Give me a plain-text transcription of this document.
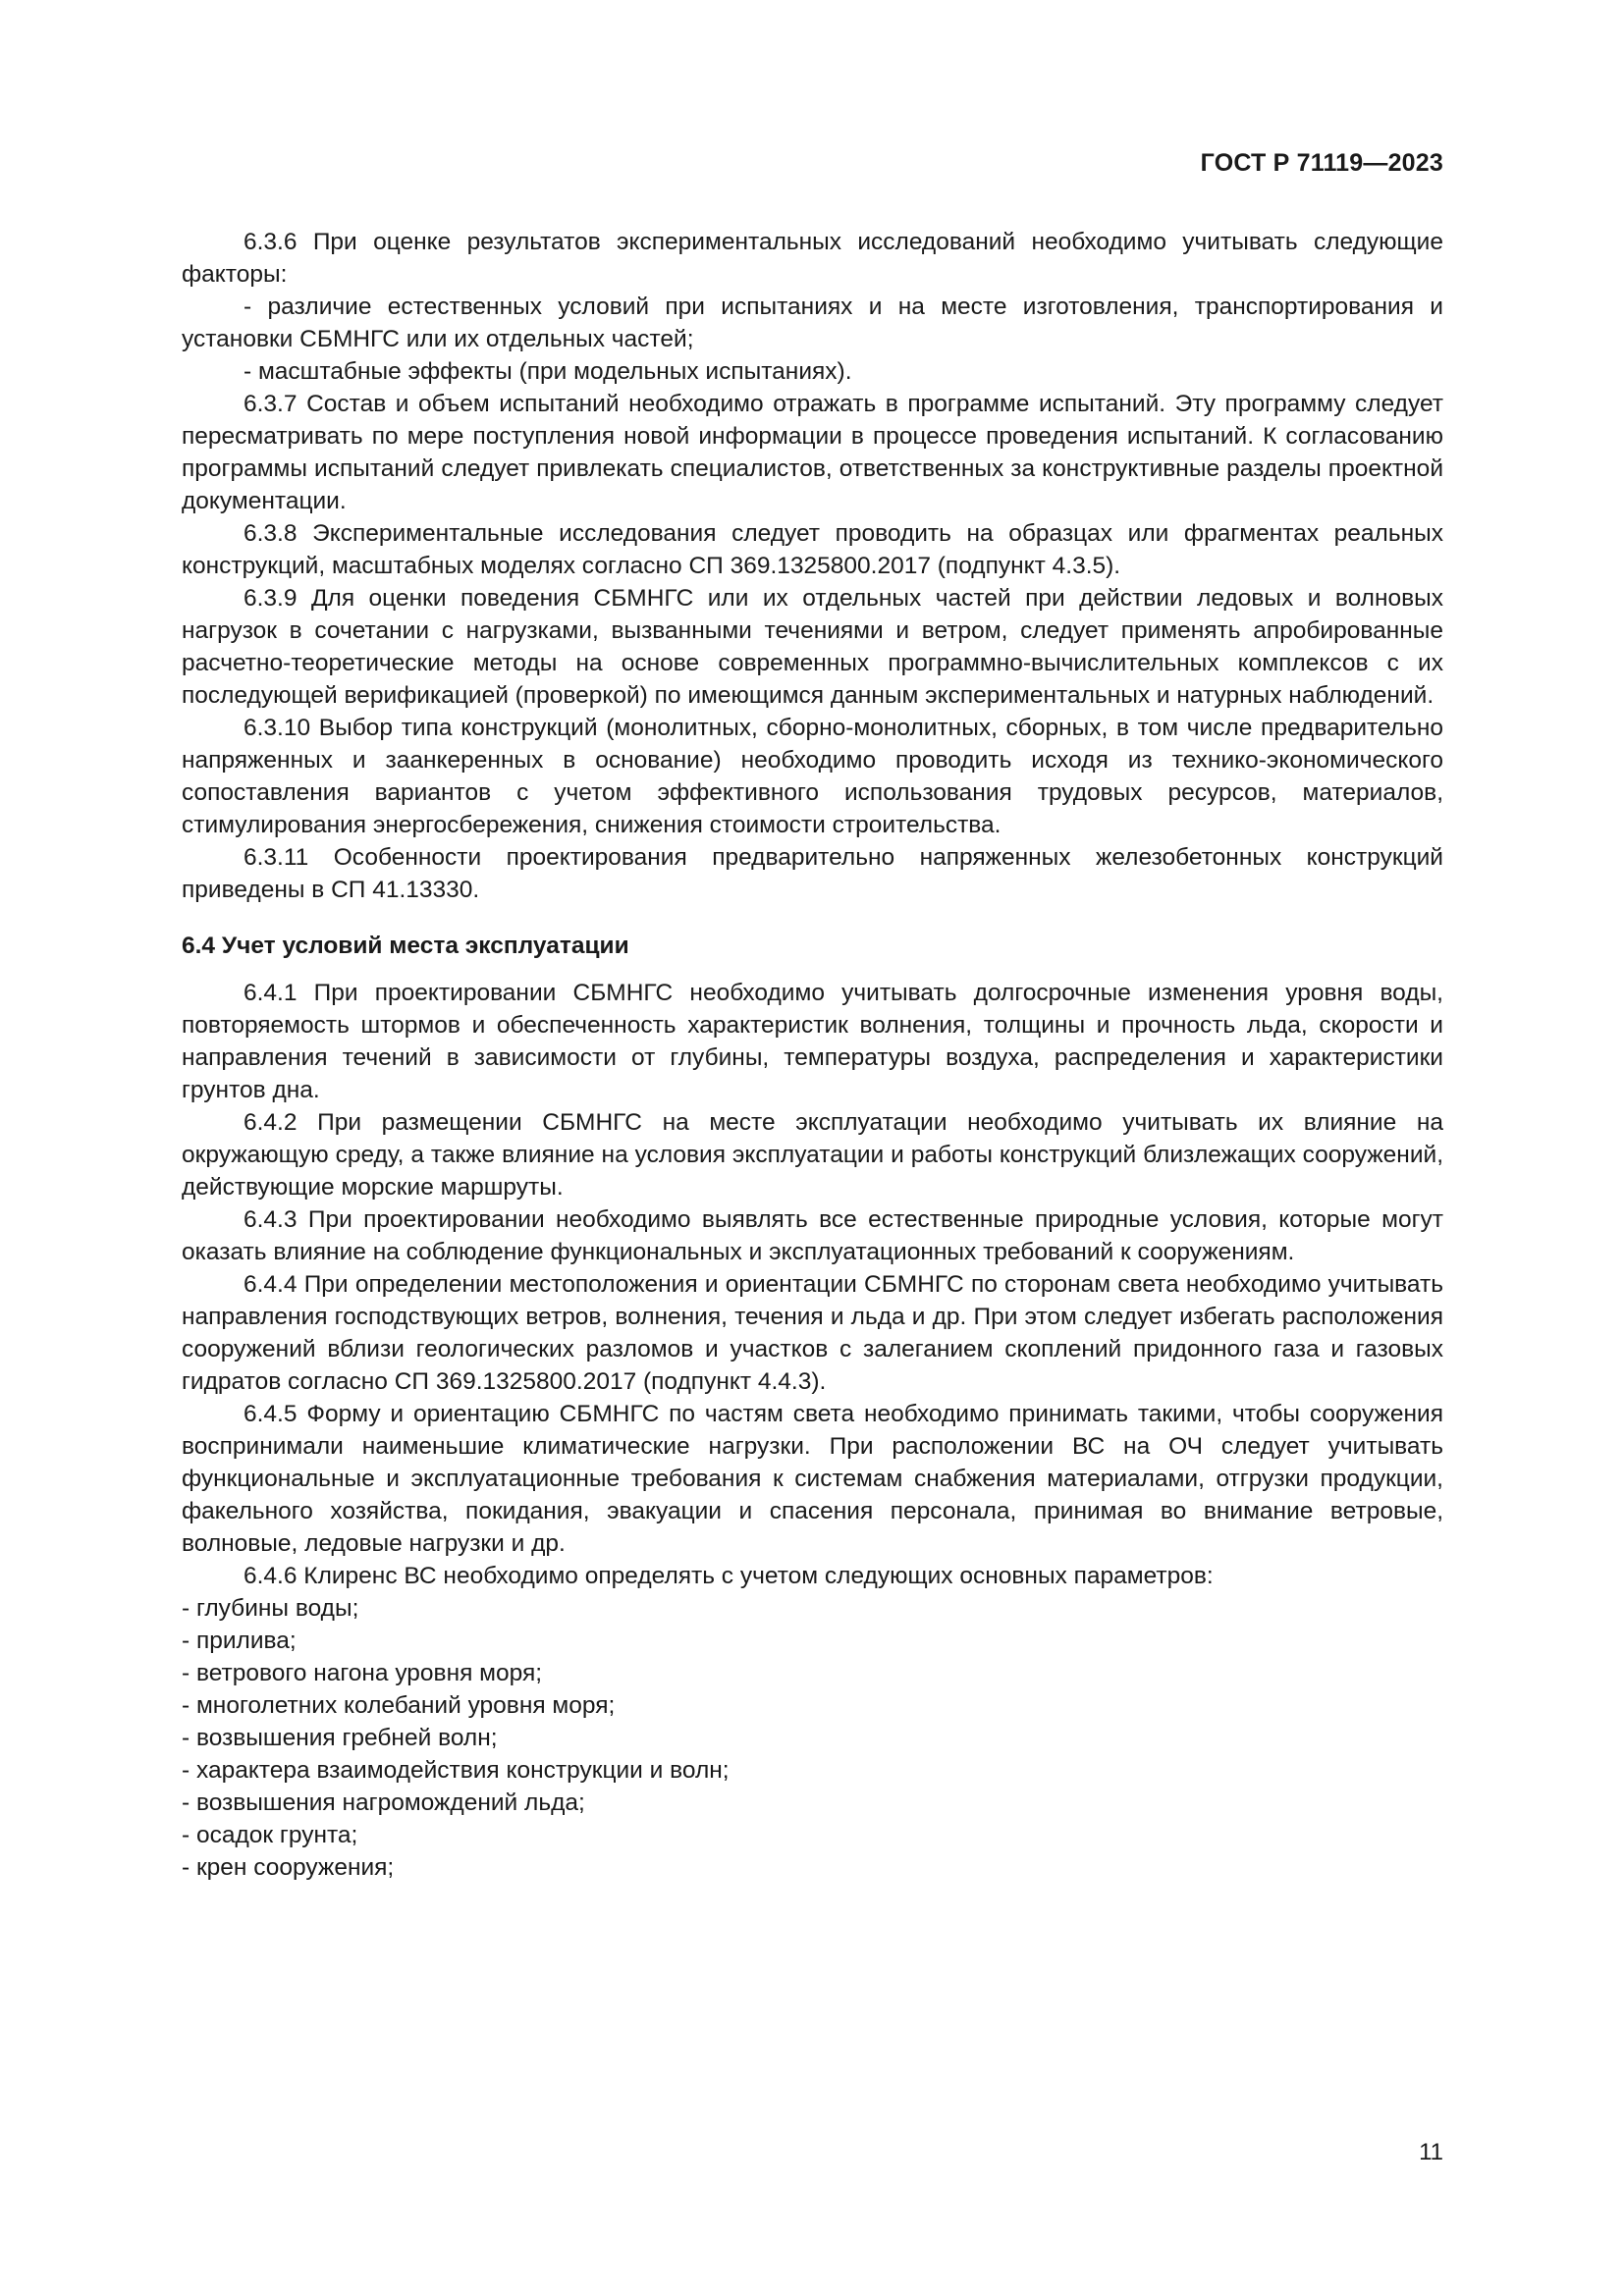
ГОСТ Р 71119—2023

6.3.6 При оценке результатов экспериментальных исследований необходимо учитывать следующие факторы:

- различие естественных условий при испытаниях и на месте изготовления, транспортирования и установки СБМНГС или их отдельных частей;

- масштабные эффекты (при модельных испытаниях).

6.3.7 Состав и объем испытаний необходимо отражать в программе испытаний. Эту программу следует пересматривать по мере поступления новой информации в процессе проведения испытаний. К согласованию программы испытаний следует привлекать специалистов, ответственных за конструктивные разделы проектной документации.

6.3.8 Экспериментальные исследования следует проводить на образцах или фрагментах реальных конструкций, масштабных моделях согласно СП 369.1325800.2017 (подпункт 4.3.5).

6.3.9 Для оценки поведения СБМНГС или их отдельных частей при действии ледовых и волновых нагрузок в сочетании с нагрузками, вызванными течениями и ветром, следует применять апробированные расчетно-теоретические методы на основе современных программно-вычислительных комплексов с их последующей верификацией (проверкой) по имеющимся данным экспериментальных и натурных наблюдений.

6.3.10 Выбор типа конструкций (монолитных, сборно-монолитных, сборных, в том числе предварительно напряженных и заанкеренных в основание) необходимо проводить исходя из технико-экономического сопоставления вариантов с учетом эффективного использования трудовых ресурсов, материалов, стимулирования энергосбережения, снижения стоимости строительства.

6.3.11 Особенности проектирования предварительно напряженных железобетонных конструкций приведены в СП 41.13330.

6.4 Учет условий места эксплуатации

6.4.1 При проектировании СБМНГС необходимо учитывать долгосрочные изменения уровня воды, повторяемость штормов и обеспеченность характеристик волнения, толщины и прочность льда, скорости и направления течений в зависимости от глубины, температуры воздуха, распределения и характеристики грунтов дна.

6.4.2 При размещении СБМНГС на месте эксплуатации необходимо учитывать их влияние на окружающую среду, а также влияние на условия эксплуатации и работы конструкций близлежащих сооружений, действующие морские маршруты.

6.4.3 При проектировании необходимо выявлять все естественные природные условия, которые могут оказать влияние на соблюдение функциональных и эксплуатационных требований к сооружениям.

6.4.4 При определении местоположения и ориентации СБМНГС по сторонам света необходимо учитывать направления господствующих ветров, волнения, течения и льда и др. При этом следует избегать расположения сооружений вблизи геологических разломов и участков с залеганием скоплений придонного газа и газовых гидратов согласно СП 369.1325800.2017 (подпункт 4.4.3).

6.4.5 Форму и ориентацию СБМНГС по частям света необходимо принимать такими, чтобы сооружения воспринимали наименьшие климатические нагрузки. При расположении ВС на ОЧ следует учитывать функциональные и эксплуатационные требования к системам снабжения материалами, отгрузки продукции, факельного хозяйства, покидания, эвакуации и спасения персонала, принимая во внимание ветровые, волновые, ледовые нагрузки и др.

6.4.6 Клиренс ВС необходимо определять с учетом следующих основных параметров:

- глубины воды;

- прилива;

- ветрового нагона уровня моря;

- многолетних колебаний уровня моря;

- возвышения гребней волн;

- характера взаимодействия конструкции и волн;

- возвышения нагромождений льда;

- осадок грунта;

- крен сооружения;

11
